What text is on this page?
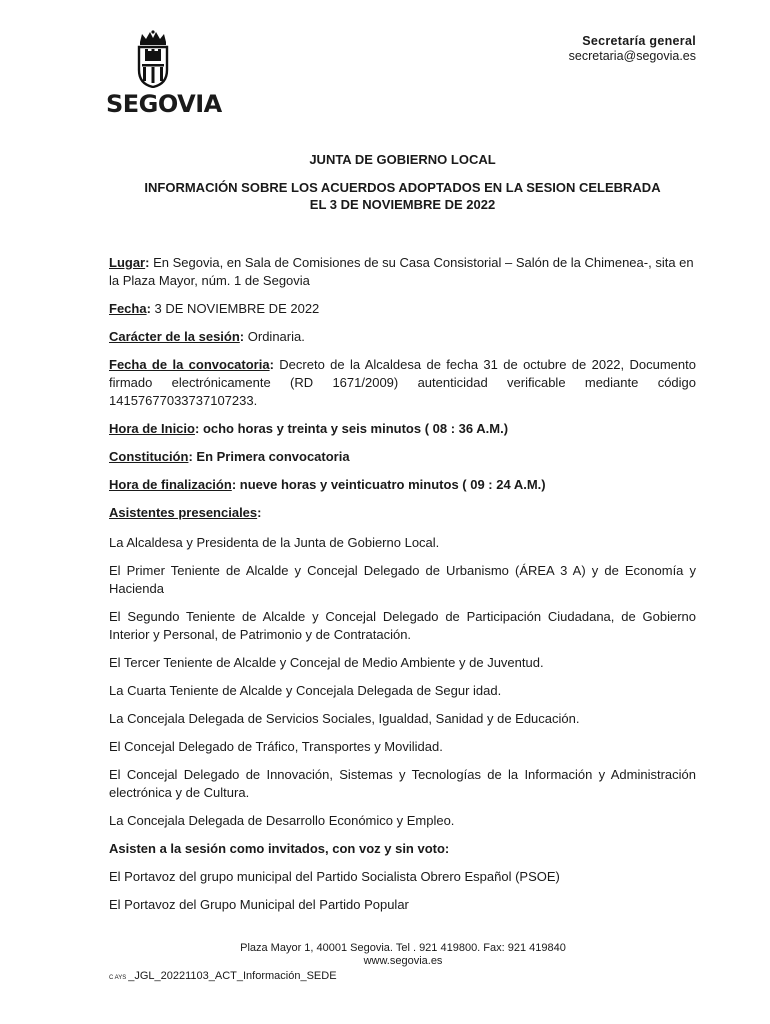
SEGOVIA
Secretaría general
secretaria@segovia.es
JUNTA DE GOBIERNO LOCAL
INFORMACIÓN SOBRE LOS ACUERDOS ADOPTADOS EN LA SESION CELEBRADA
EL 3 DE NOVIEMBRE DE 2022

Lugar: En Segovia, en Sala de Comisiones de su Casa Consistorial – Salón de la Chimenea-, sita en la Plaza Mayor, núm. 1 de Segovia

Fecha: 3 DE NOVIEMBRE DE 2022

Carácter de la sesión: Ordinaria.

Fecha de la convocatoria: Decreto de la Alcaldesa de fecha 31 de octubre de 2022, Documento firmado electrónicamente (RD 1671/2009) autenticidad verificable mediante código 14157677033737107233.

Hora de Inicio: ocho horas y treinta y seis minutos ( 08 : 36 A.M.)

Constitución: En Primera convocatoria

Hora de finalización: nueve horas y veinticuatro minutos ( 09 : 24 A.M.)

Asistentes presenciales:

La Alcaldesa y Presidenta de la Junta de Gobierno Local.

El Primer Teniente de Alcalde y Concejal Delegado de Urbanismo (ÁREA 3 A) y de Economía y Hacienda

El Segundo Teniente de Alcalde y Concejal Delegado de Participación Ciudadana, de Gobierno Interior y Personal, de Patrimonio y de Contratación.

El Tercer Teniente de Alcalde y Concejal de Medio Ambiente y de Juventud.

La Cuarta Teniente de Alcalde y Concejala Delegada de Segur idad.

La Concejala Delegada de Servicios Sociales, Igualdad, Sanidad y de Educación.

El Concejal Delegado de Tráfico, Transportes y Movilidad.

El Concejal Delegado de Innovación, Sistemas y Tecnologías de la Información y Administración electrónica y de Cultura.

La Concejala Delegada de Desarrollo Económico y Empleo.

Asisten a la sesión como invitados, con voz y sin voto:

El Portavoz del grupo municipal del Partido Socialista Obrero Español (PSOE)

El Portavoz del Grupo Municipal del Partido Popular

Plaza Mayor 1, 40001 Segovia. Tel . 921 419800. Fax: 921 419840
www.segovia.es
C AYS _JGL_20221103_ACT_Información_SEDE
